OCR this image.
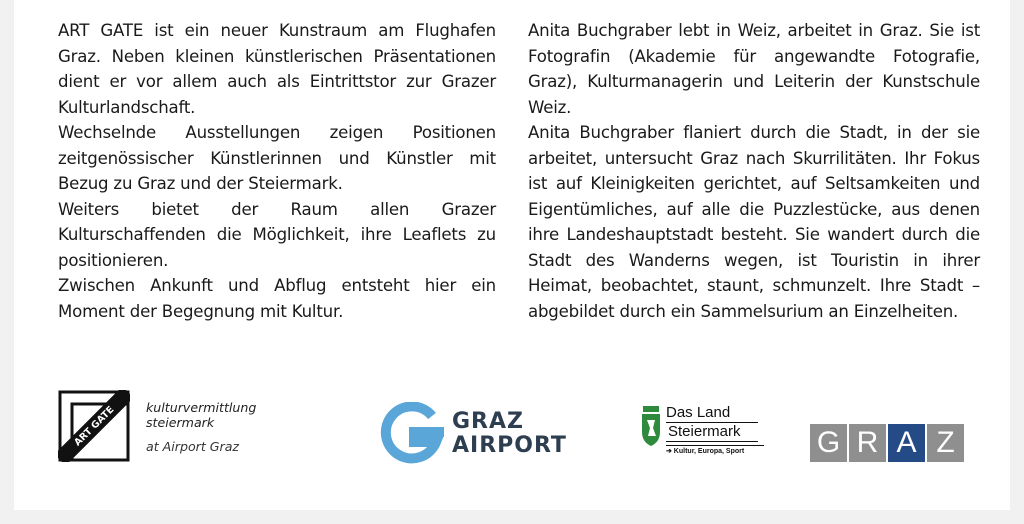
ART GATE ist ein neuer Kunstraum am Flughafen Graz. Neben kleinen künstlerischen Präsentationen dient er vor allem auch als Eintrittstor zur Grazer Kulturlandschaft.

Wechselnde Ausstellungen zeigen Positionen zeitgenössischer Künstlerinnen und Künstler mit Bezug zu Graz und der Steiermark.

Weiters bietet der Raum allen Grazer Kulturschaffenden die Möglichkeit, ihre Leaflets zu positionieren.

Zwischen Ankunft und Abflug entsteht hier ein Moment der Begegnung mit Kultur.

Anita Buchgraber lebt in Weiz, arbeitet in Graz. Sie ist Fotografin (Akademie für angewandte Fotografie, Graz), Kulturmanagerin und Leiterin der Kunstschule Weiz.

Anita Buchgraber flaniert durch die Stadt, in der sie arbeitet, untersucht Graz nach Skurrilitäten. Ihr Fokus ist auf Kleinigkeiten gerichtet, auf Seltsamkeiten und Eigentümliches, auf alle die Puzzlestücke, aus denen ihre Landeshauptstadt besteht. Sie wandert durch die Stadt des Wanderns wegen, ist Touristin in ihrer Heimat, beobachtet, staunt, schmunzelt. Ihre Stadt – abgebildet durch ein Sammelsurium an Einzelheiten.

ART GATE kulturvermittlung
steiermark
at Airport Graz
GRAZ
AIRPORT
Das Land
Steiermark
➔ Kultur, Europa, Sport	G R A Z
